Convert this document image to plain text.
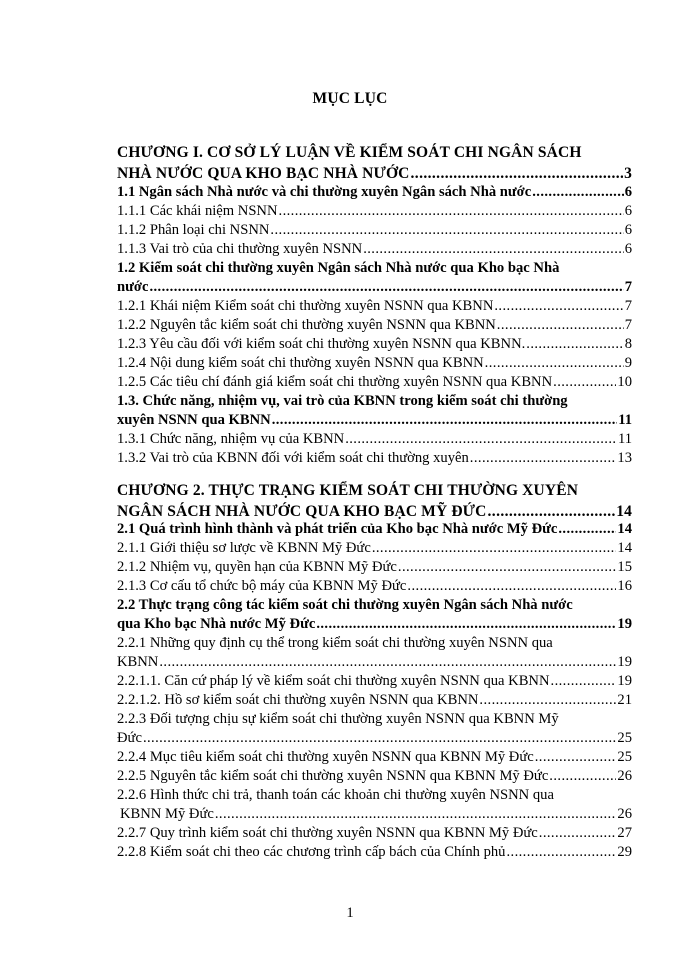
MỤC LỤC
CHƯƠNG I. CƠ SỞ LÝ LUẬN VỀ KIỂM SOÁT CHI NGÂN SÁCH
NHÀ NƯỚC QUA KHO BẠC NHÀ NƯỚC .....	3
1.1 Ngân sách Nhà nước và chi thường xuyên Ngân sách Nhà nước .....	6
1.1.1 Các khái niệm NSNN .....	6
1.1.2 Phân loại chi NSNN .....	6
1.1.3 Vai trò của chi thường xuyên NSNN .....	6
1.2 Kiểm soát chi thường xuyên Ngân sách Nhà nước qua Kho bạc Nhà
nước .....	7
1.2.1 Khái niệm Kiểm soát chi thường xuyên NSNN qua KBNN .....	7
1.2.2 Nguyên tắc kiểm soát chi thường xuyên NSNN qua KBNN .....	7
1.2.3 Yêu cầu đối với kiểm soát chi thường xuyên NSNN qua KBNN. .....	8
1.2.4 Nội dung kiểm soát chi thường xuyên NSNN qua KBNN .....	9
1.2.5 Các tiêu chí đánh giá kiểm soát chi thường xuyên NSNN qua KBNN .....	10
1.3. Chức năng, nhiệm vụ, vai trò của KBNN trong kiểm soát chi thường
xuyên NSNN qua KBNN .....	11
1.3.1 Chức năng, nhiệm vụ của KBNN .....	11
1.3.2 Vai trò của KBNN đối với kiểm soát chi thường xuyên .....	13
CHƯƠNG 2. THỰC TRẠNG KIỂM SOÁT CHI THƯỜNG XUYÊN
NGÂN SÁCH NHÀ NƯỚC QUA KHO BẠC MỸ ĐỨC .....	14
2.1 Quá trình hình thành và phát triển của Kho bạc Nhà nước Mỹ Đức .....	14
2.1.1 Giới thiệu sơ lược về KBNN Mỹ Đức .....	14
2.1.2 Nhiệm vụ, quyền hạn của KBNN Mỹ Đức .....	15
2.1.3 Cơ cấu tổ chức bộ máy của KBNN Mỹ Đức .....	16
2.2 Thực trạng công tác kiểm soát chi thường xuyên Ngân sách Nhà nước
qua Kho bạc Nhà nước Mỹ Đức .....	19
2.2.1 Những quy định cụ thể trong kiểm soát chi thường xuyên NSNN qua
KBNN .....	19
2.2.1.1. Căn cứ pháp lý về kiểm soát chi thường xuyên NSNN qua KBNN .....	19
2.2.1.2. Hồ sơ kiểm soát chi thường xuyên NSNN qua KBNN .....	21
2.2.3 Đối tượng chịu sự kiểm soát chi thường xuyên NSNN qua KBNN Mỹ
Đức .....	25
2.2.4 Mục tiêu kiểm soát chi thường xuyên NSNN qua KBNN Mỹ Đức .....	25
2.2.5 Nguyên tắc kiểm soát chi thường xuyên NSNN qua KBNN Mỹ Đức .....	26
2.2.6 Hình thức chi trả, thanh toán các khoản chi thường xuyên NSNN qua
KBNN Mỹ Đức .....	26
2.2.7 Quy trình kiểm soát chi thường xuyên NSNN qua KBNN Mỹ Đức .....	27
2.2.8 Kiểm soát chi theo các chương trình cấp bách của Chính phủ .....	29
1
